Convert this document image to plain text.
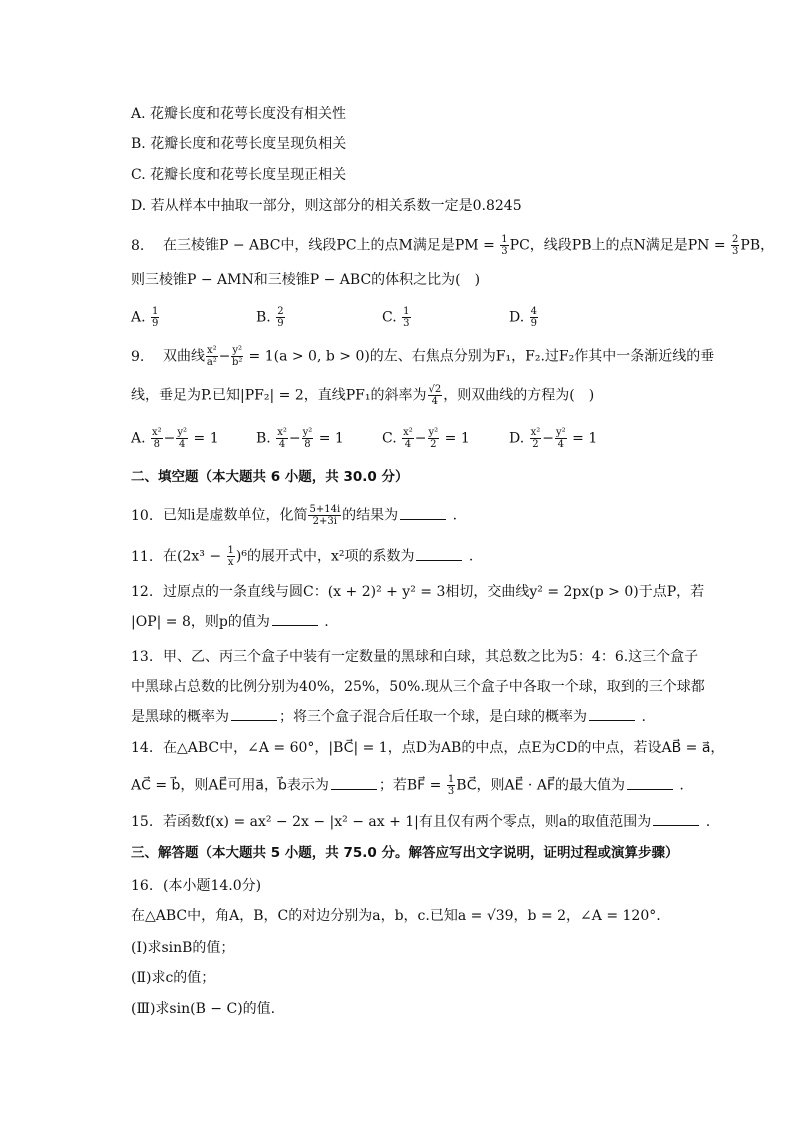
A. 花瓣长度和花萼长度没有相关性
B. 花瓣长度和花萼长度呈现负相关
C. 花瓣长度和花萼长度呈现正相关
D. 若从样本中抽取一部分，则这部分的相关系数一定是0.8245
8. 在三棱锥P − ABC中，线段PC上的点M满足是PM = $\frac{1}{3}$ PC，线段PB上的点N满足是PN = $\frac{2}{3}$ PB，
则三棱锥P − AMN和三棱锥P − ABC的体积之比为(　)
A. $\frac{1}{9}$	B. $\frac{2}{9}$	C. $\frac{1}{3}$	D. $\frac{4}{9}$
9. 双曲线 $\frac{\text{x²}}{\text{a²}} - \frac{\text{y²}}{\text{b²}} = 1(a > 0$, b > 0)的左、右焦点分别为F₁，F₂.过F₂作其中一条渐近线的垂
线，垂足为P.已知|PF₂| = 2，直线PF₁的斜率为 $\frac{√2}{4}$ ，则双曲线的方程为(　)
A. $\frac{\text{x²}}{8} - \frac{\text{y²}}{4} = 1$	B. $\frac{\text{x²}}{4} - \frac{\text{y²}}{8} = 1$	C. $\frac{\text{x²}}{4} - \frac{\text{y²}}{2} = 1$	D. $\frac{\text{x²}}{2} - \frac{\text{y²}}{4} = 1$
二、填空题（本大题共 6 小题，共 30.0 分）
10. 已知i是虚数单位，化简 $\frac{5+14i}{2+3i}$ 的结果为	.
11. 在$(2x^3 - \frac{1}{x} )^6$的展开式中，x²项的系数为	.
12. 过原点的一条直线与圆C：(x + 2)² + y² = 3相切，交曲线y² = 2px(p > 0)于点P，若
|OP| = 8，则p的值为	.
13. 甲、乙、丙三个盒子中装有一定数量的黑球和白球，其总数之比为5：4：6.这三个盒子
中黑球占总数的比例分别为40%，25%，50%.现从三个盒子中各取一个球，取到的三个球都
是黑球的概率为	；将三个盒子混合后任取一个球，是白球的概率为	.
14. 在△ABC中，∠A = 60°，|BC⃗| = 1，点D为AB的中点，点E为CD的中点，若设AB⃗ = a⃗，
AC⃗ = b⃗，则AE⃗可用a⃗，b⃗表示为	；若BF⃗ = $\frac{1}{3}$ BC⃗，则AE⃗ · AF⃗的最大值为	.
15. 若函数f(x) = ax² − 2x − |x² − ax + 1|有且仅有两个零点，则a的取值范围为	.
三、解答题（本大题共 5 小题，共 75.0 分。解答应写出文字说明，证明过程或演算步骤）
16. (本小题14.0分)
在△ABC中，角A，B，C的对边分别为a，b，c.已知a = √39，b = 2，∠A = 120°.
(Ⅰ)求sinB的值；
(Ⅱ)求c的值；
(Ⅲ)求sin(B − C)的值.
